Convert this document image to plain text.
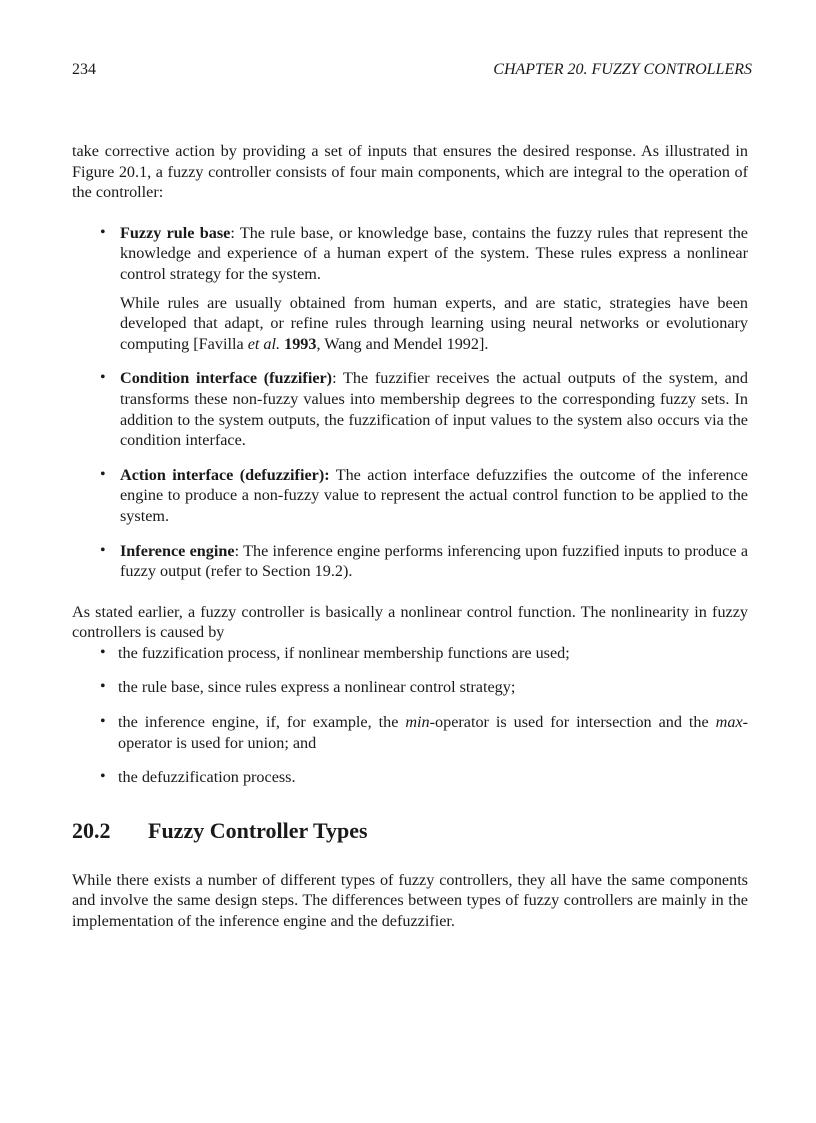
234	CHAPTER 20. FUZZY CONTROLLERS

take corrective action by providing a set of inputs that ensures the desired response. As illustrated in Figure 20.1, a fuzzy controller consists of four main components, which are integral to the operation of the controller:

• Fuzzy rule base: The rule base, or knowledge base, contains the fuzzy rules that represent the knowledge and experience of a human expert of the system. These rules express a nonlinear control strategy for the system.
While rules are usually obtained from human experts, and are static, strategies have been developed that adapt, or refine rules through learning using neural networks or evolutionary computing [Favilla et al. 1993, Wang and Mendel 1992].
• Condition interface (fuzzifier): The fuzzifier receives the actual outputs of the system, and transforms these non-fuzzy values into membership degrees to the corresponding fuzzy sets. In addition to the system outputs, the fuzzification of input values to the system also occurs via the condition interface.
• Action interface (defuzzifier): The action interface defuzzifies the outcome of the inference engine to produce a non-fuzzy value to represent the actual control function to be applied to the system.
• Inference engine: The inference engine performs inferencing upon fuzzified inputs to produce a fuzzy output (refer to Section 19.2).

As stated earlier, a fuzzy controller is basically a nonlinear control function. The nonlinearity in fuzzy controllers is caused by

• the fuzzification process, if nonlinear membership functions are used;
• the rule base, since rules express a nonlinear control strategy;
• the inference engine, if, for example, the min-operator is used for intersection and the max-operator is used for union; and
• the defuzzification process.
20.2 Fuzzy Controller Types

While there exists a number of different types of fuzzy controllers, they all have the same components and involve the same design steps. The differences between types of fuzzy controllers are mainly in the implementation of the inference engine and the defuzzifier.
